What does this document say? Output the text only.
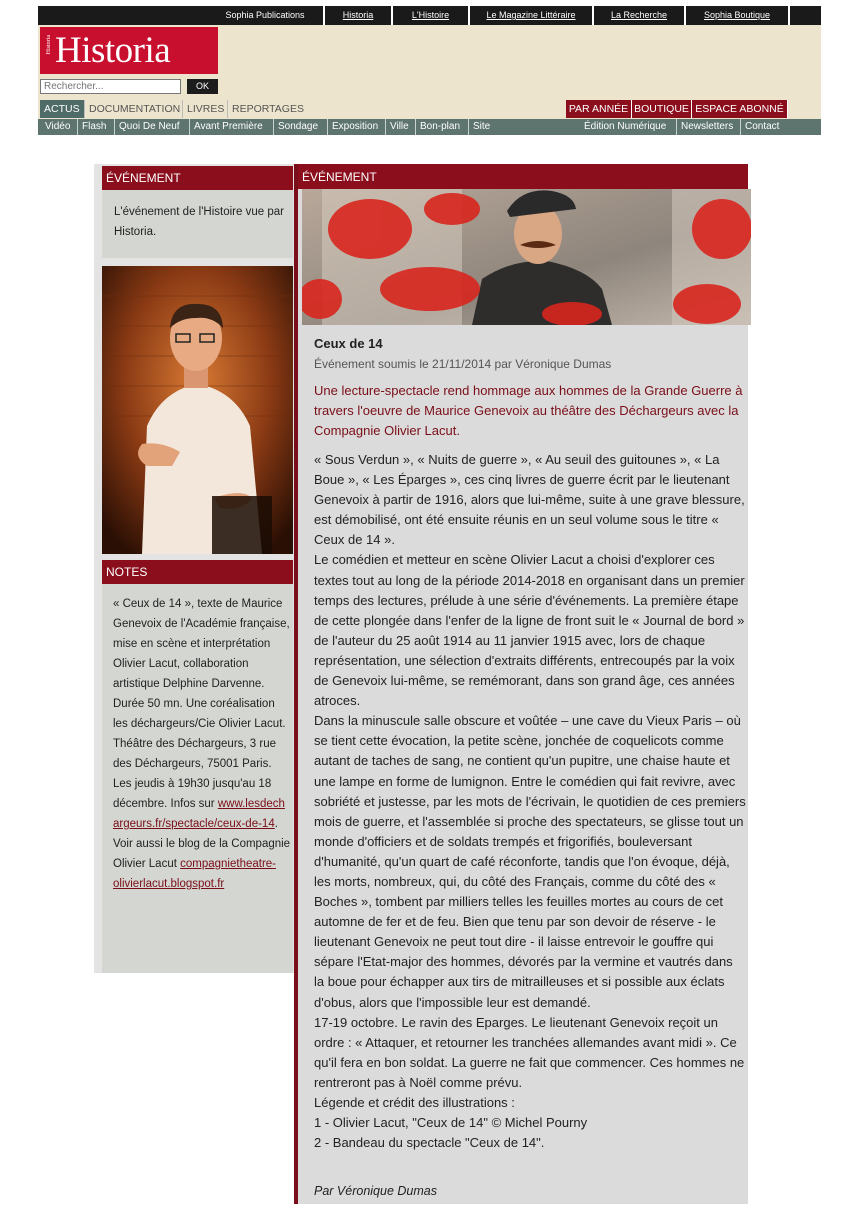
Sophia Publications	Historia	L'Histoire	Le Magazine Littéraire	La Recherche	Sophia Boutique
Historia Historia
Rechercher...
OK
ACTUS DOCUMENTATION LIVRES REPORTAGES	PAR ANNÉE BOUTIQUE ESPACE ABONNÉ
Vidéo	Flash	Quoi De Neuf	Avant Première	Sondage	Exposition	Ville	Bon-plan	Site	Édition Numérique	Newsletters	Contact
ÉVÉNEMENT
L'événement de l'Histoire vue par Historia.
NOTES
« Ceux de 14 », texte de Maurice Genevoix de l'Académie française, mise en scène et interprétation Olivier Lacut, collaboration artistique Delphine Darvenne. Durée 50 mn. Une coréalisation les déchargeurs/Cie Olivier Lacut. Théâtre des Déchargeurs, 3 rue des Déchargeurs, 75001 Paris. Les jeudis à 19h30 jusqu'au 18 décembre. Infos sur www.lesdechargeurs.fr/spectacle/ceux-de-14. Voir aussi le blog de la Compagnie Olivier Lacut compagnietheatre-olivierlacut.blogspot.fr
ÉVÉNEMENT
Ceux de 14
Événement soumis le 21/11/2014 par Véronique Dumas
Une lecture-spectacle rend hommage aux hommes de la Grande Guerre à travers l'oeuvre de Maurice Genevoix au théâtre des Déchargeurs avec la Compagnie Olivier Lacut.

« Sous Verdun », « Nuits de guerre », « Au seuil des guitounes », « La Boue », « Les Éparges », ces cinq livres de guerre écrit par le lieutenant Genevoix à partir de 1916, alors que lui-même, suite à une grave blessure, est démobilisé, ont été ensuite réunis en un seul volume sous le titre « Ceux de 14 ».

Le comédien et metteur en scène Olivier Lacut a choisi d'explorer ces textes tout au long de la période 2014-2018 en organisant dans un premier temps des lectures, prélude à une série d'événements. La première étape de cette plongée dans l'enfer de la ligne de front suit le « Journal de bord » de l'auteur du 25 août 1914 au 11 janvier 1915 avec, lors de chaque représentation, une sélection d'extraits différents, entrecoupés par la voix de Genevoix lui-même, se remémorant, dans son grand âge, ces années atroces.

Dans la minuscule salle obscure et voûtée – une cave du Vieux Paris – où se tient cette évocation, la petite scène, jonchée de coquelicots comme autant de taches de sang, ne contient qu'un pupitre, une chaise haute et une lampe en forme de lumignon. Entre le comédien qui fait revivre, avec sobriété et justesse, par les mots de l'écrivain, le quotidien de ces premiers mois de guerre, et l'assemblée si proche des spectateurs, se glisse tout un monde d'officiers et de soldats trempés et frigorifiés, bouleversant d'humanité, qu'un quart de café réconforte, tandis que l'on évoque, déjà, les morts, nombreux, qui, du côté des Français, comme du côté des « Boches », tombent par milliers telles les feuilles mortes au cours de cet automne de fer et de feu. Bien que tenu par son devoir de réserve - le lieutenant Genevoix ne peut tout dire - il laisse entrevoir le gouffre qui sépare l'Etat-major des hommes, dévorés par la vermine et vautrés dans la boue pour échapper aux tirs de mitrailleuses et si possible aux éclats d'obus, alors que l'impossible leur est demandé.

17-19 octobre. Le ravin des Eparges. Le lieutenant Genevoix reçoit un ordre : « Attaquer, et retourner les tranchées allemandes avant midi ». Ce qu'il fera en bon soldat. La guerre ne fait que commencer. Ces hommes ne rentreront pas à Noël comme prévu.

Légende et crédit des illustrations :

1 - Olivier Lacut, "Ceux de 14" © Michel Pourny

2 - Bandeau du spectacle "Ceux de 14".

Par Véronique Dumas
